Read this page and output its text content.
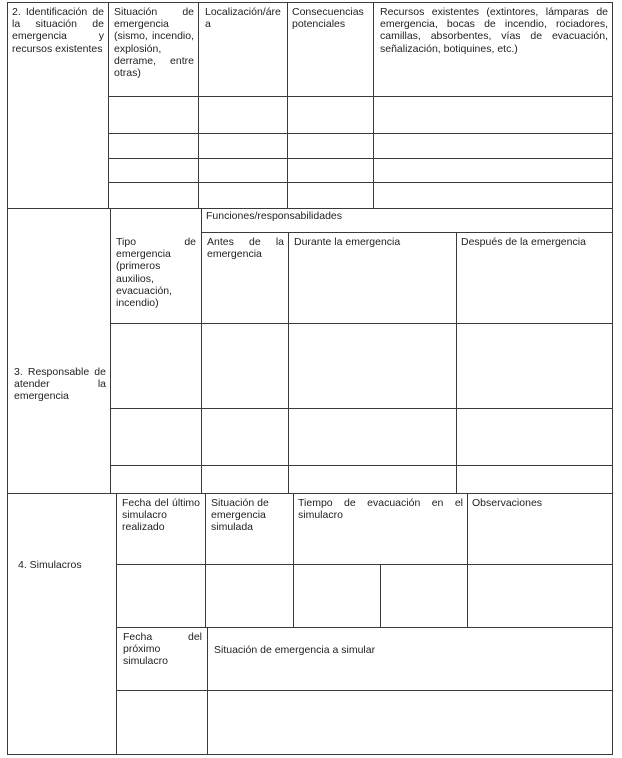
2. Identificación de la situación de emergencia y recursos existentes

Situación de emergencia (sismo, incendio, explosión, derrame, entre otras)

Localización/área

Consecuencias potenciales

Recursos existentes (extintores, lámparas de emergencia, bocas de incendio, rociadores, camillas, absorbentes, vías de evacuación, señalización, botiquines, etc.)

3. Responsable de atender la emergencia

Tipo de emergencia (primeros auxilios, evacuación, incendio)

Funciones/responsabilidades

Antes de la emergencia

Durante la emergencia	Después de la emergencia

4. Simulacros

Fecha del último simulacro realizado

Situación de emergencia simulada

Tiempo de evacuación en el simulacro

Observaciones

Fecha del próximo simulacro

Situación de emergencia a simular
